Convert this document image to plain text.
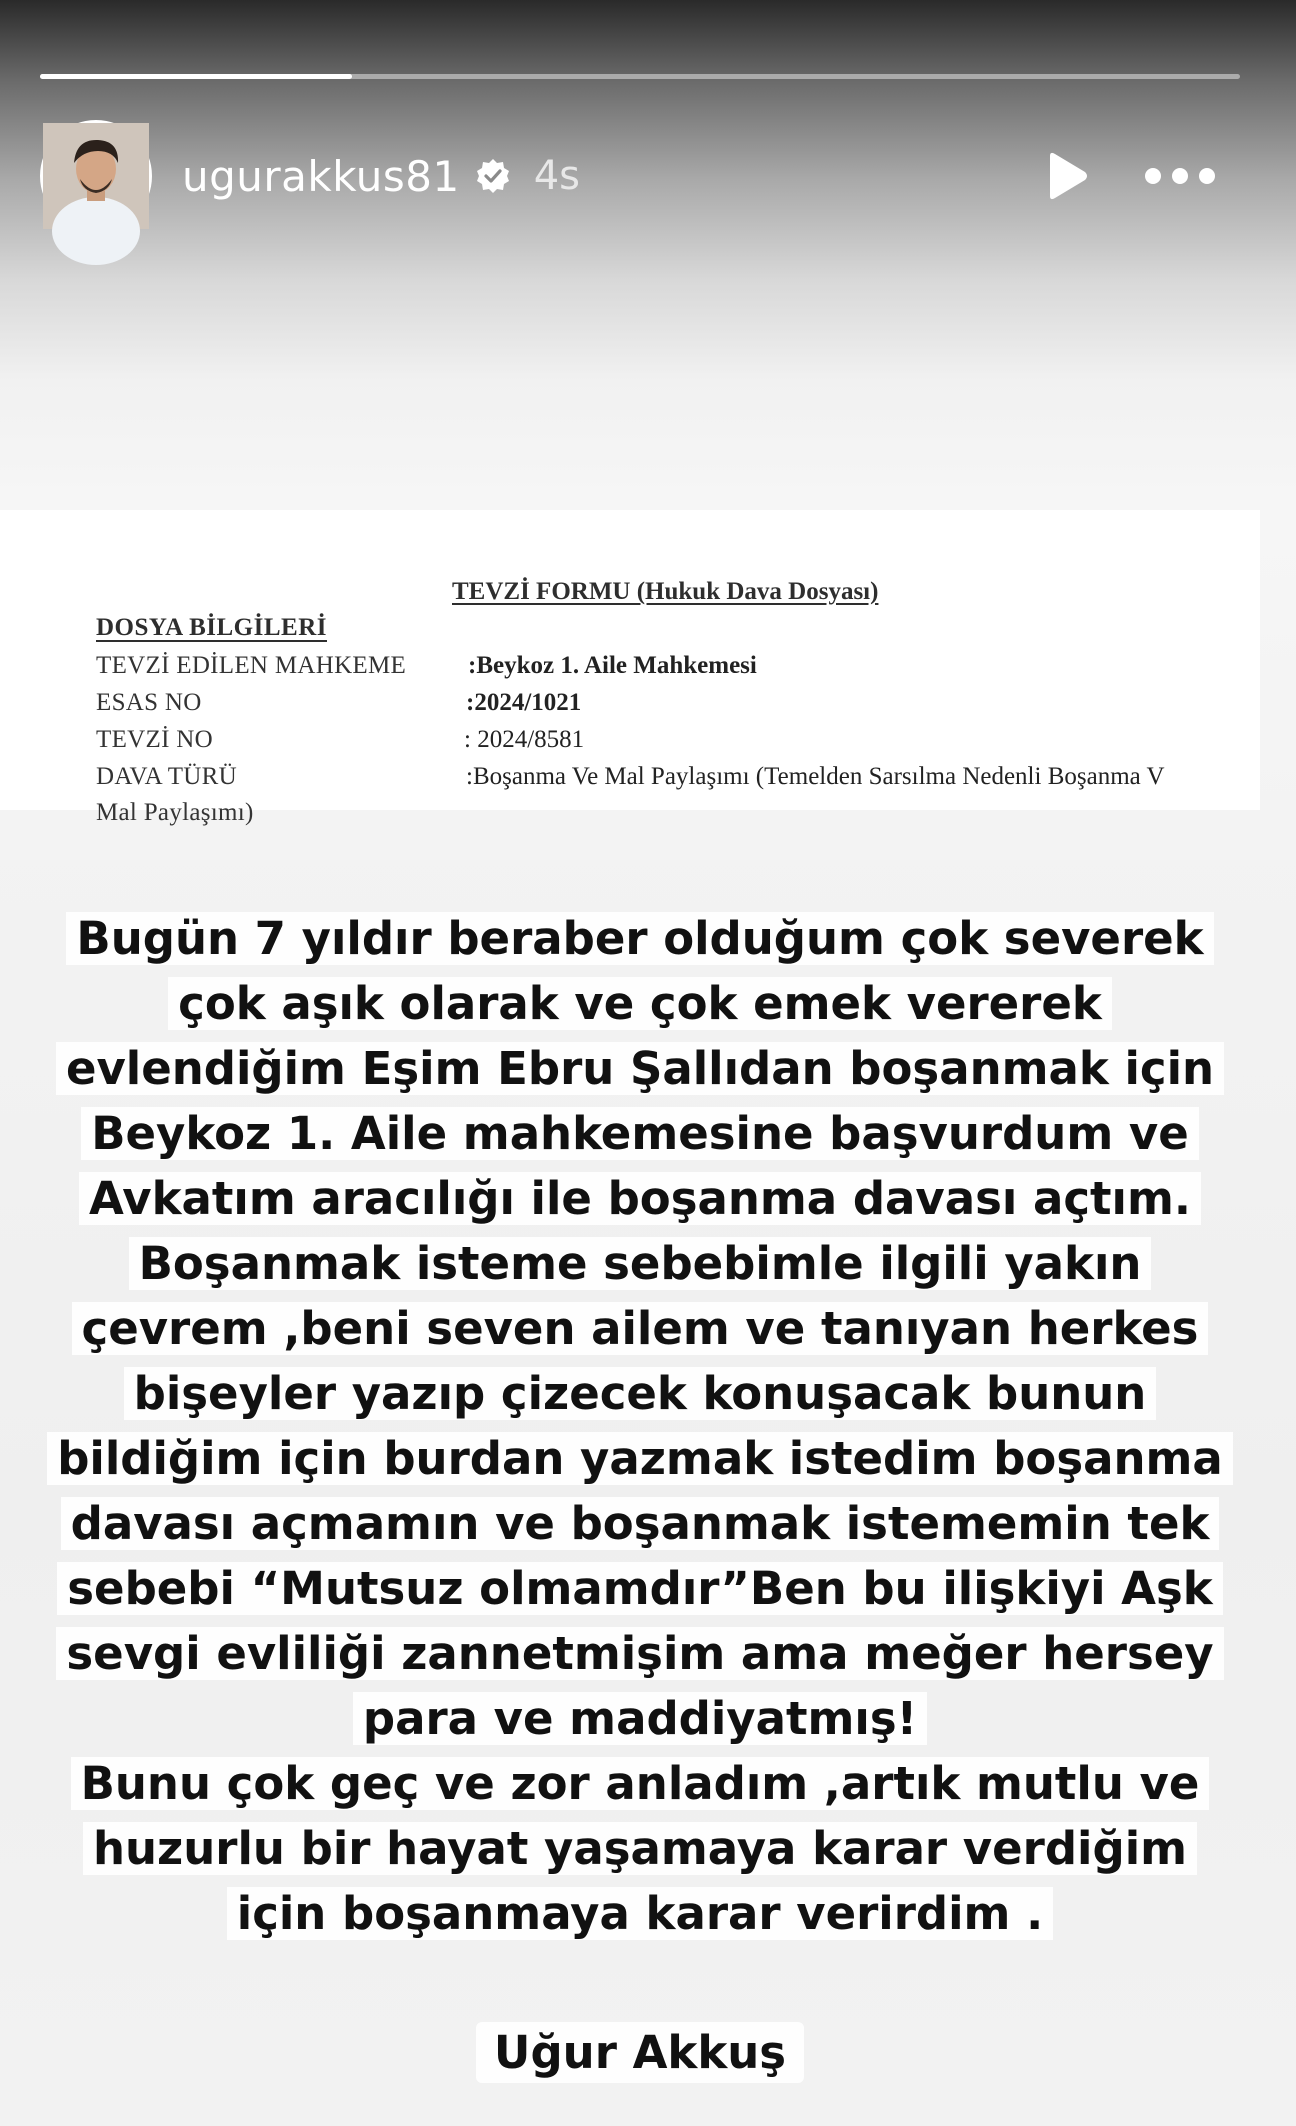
ugurakkus81 4s
TEVZİ FORMU (Hukuk Dava Dosyası)
DOSYA BİLGİLERİ
TEVZİ EDİLEN MAHKEME :Beykoz 1. Aile Mahkemesi
ESAS NO	:2024/1021
TEVZİ NO	: 2024/8581
DAVA TÜRÜ	:Boşanma Ve Mal Paylaşımı (Temelden Sarsılma Nedenli Boşanma V
Mal Paylaşımı)
Bugün 7 yıldır beraber olduğum çok severek
çok aşık olarak ve çok emek vererek
evlendiğim Eşim Ebru Şallıdan boşanmak için
Beykoz 1. Aile mahkemesine başvurdum ve
Avkatım aracılığı ile boşanma davası açtım.
Boşanmak isteme sebebimle ilgili yakın
çevrem ,beni seven ailem ve tanıyan herkes
bişeyler yazıp çizecek konuşacak bunun
bildiğim için burdan yazmak istedim boşanma
davası açmamın ve boşanmak istememin tek
sebebi “Mutsuz olmamdır”Ben bu ilişkiyi Aşk
sevgi evliliği zannetmişim ama meğer hersey
para ve maddiyatmış!
Bunu çok geç ve zor anladım ,artık mutlu ve
huzurlu bir hayat yaşamaya karar verdiğim
için boşanmaya karar verirdim .
Uğur Akkuş
